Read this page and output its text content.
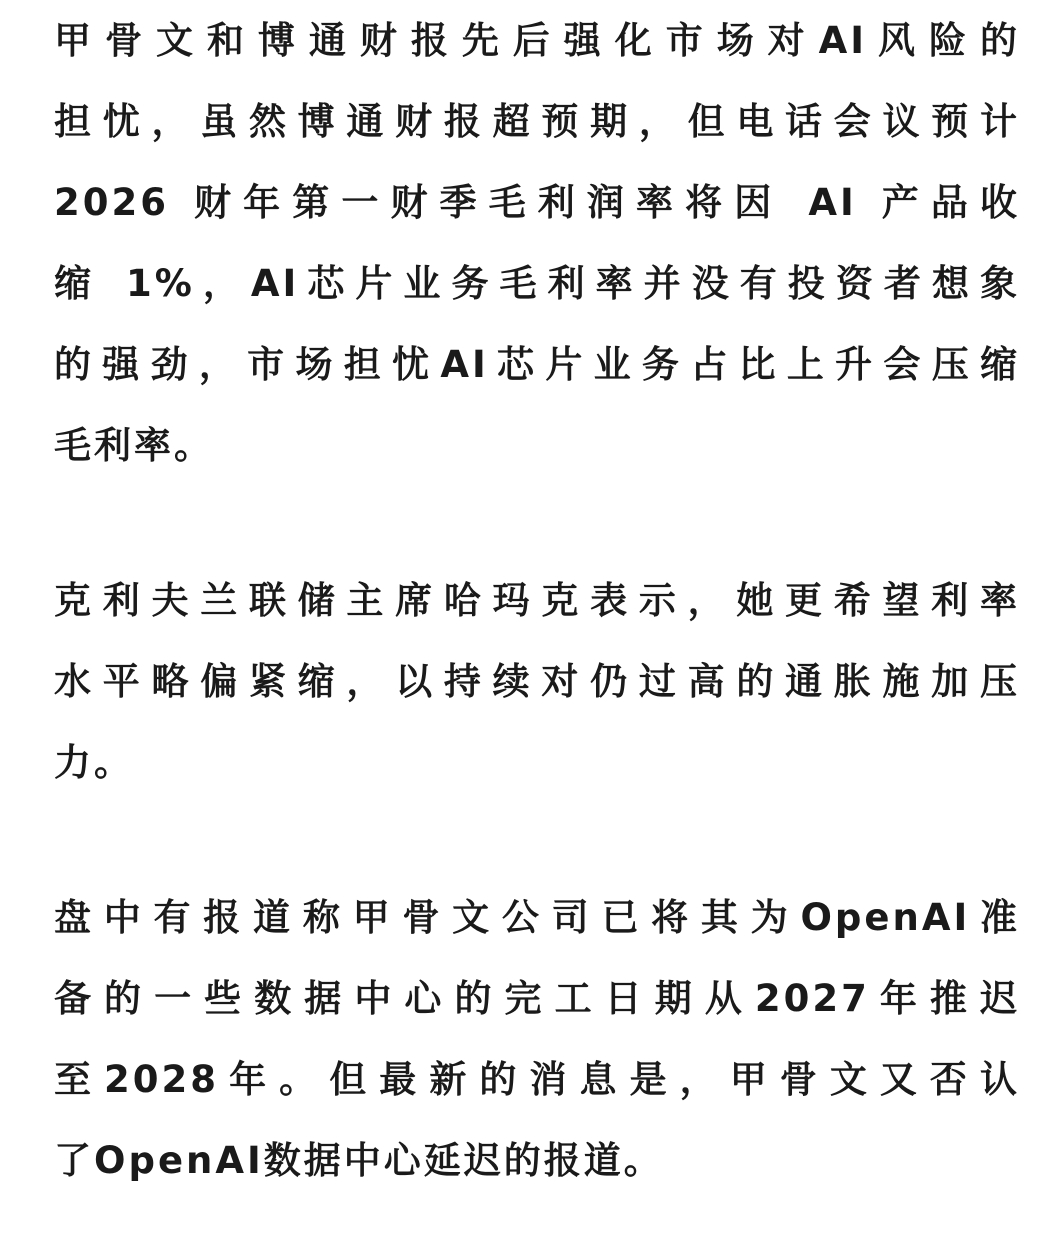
甲骨文和博通财报先后强化市场对AI风险的
担忧，虽然博通财报超预期，但电话会议预计
2026 财年第一财季毛利润率将因 AI 产品收
缩 1%，AI芯片业务毛利率并没有投资者想象
的强劲，市场担忧AI芯片业务占比上升会压缩
毛利率。
克利夫兰联储主席哈玛克表示，她更希望利率
水平略偏紧缩，以持续对仍过高的通胀施加压
力。
盘中有报道称甲骨文公司已将其为OpenAI准
备的一些数据中心的完工日期从2027年推迟
至2028年。但最新的消息是，甲骨文又否认
了OpenAI数据中心延迟的报道。
